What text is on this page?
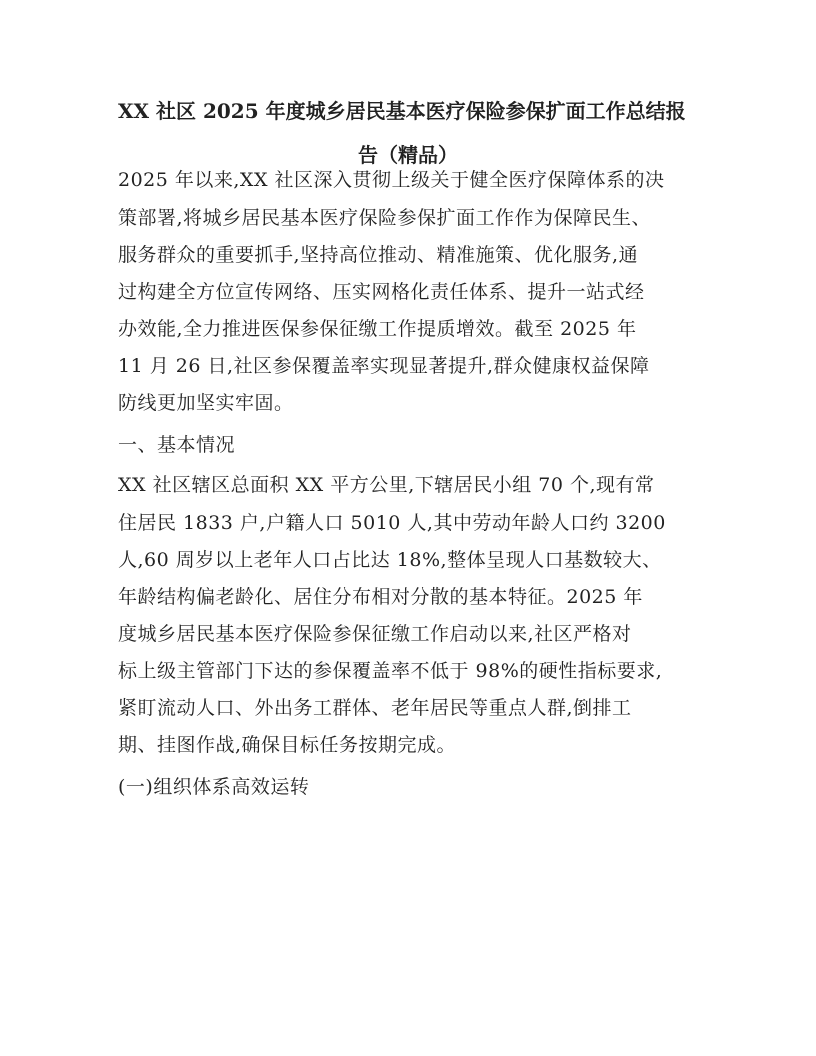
XX 社区 2025 年度城乡居民基本医疗保险参保扩面工作总结报
告（精品）
2025 年以来,XX 社区深入贯彻上级关于健全医疗保障体系的决
策部署,将城乡居民基本医疗保险参保扩面工作作为保障民生、
服务群众的重要抓手,坚持高位推动、精准施策、优化服务,通
过构建全方位宣传网络、压实网格化责任体系、提升一站式经
办效能,全力推进医保参保征缴工作提质增效。截至 2025 年
11 月 26 日,社区参保覆盖率实现显著提升,群众健康权益保障
防线更加坚实牢固。
一、基本情况
XX 社区辖区总面积 XX 平方公里,下辖居民小组 70 个,现有常
住居民 1833 户,户籍人口 5010 人,其中劳动年龄人口约 3200
人,60 周岁以上老年人口占比达 18%,整体呈现人口基数较大、
年龄结构偏老龄化、居住分布相对分散的基本特征。2025 年
度城乡居民基本医疗保险参保征缴工作启动以来,社区严格对
标上级主管部门下达的参保覆盖率不低于 98%的硬性指标要求,
紧盯流动人口、外出务工群体、老年居民等重点人群,倒排工
期、挂图作战,确保目标任务按期完成。
(一)组织体系高效运转
